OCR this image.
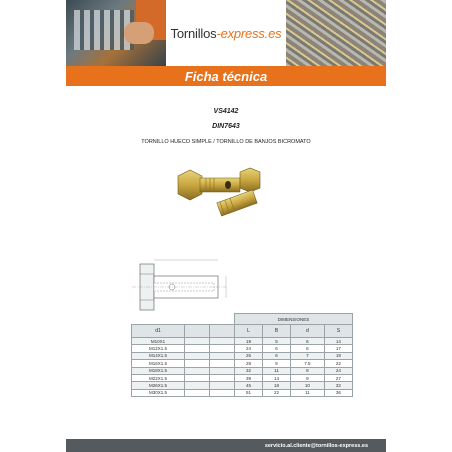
Tornillos-express.es
Ficha técnica
VS4142
DIN7643
TORNILLO HUECO SIMPLE / TORNILLO DE BANJOS BICROMATO
			DIMENSIONES			
d1			L	B	d	S
M10X1			19	5	6	14
M12X1.5			24	6	6	17
M14X1.5			26	6	7	19
M16X1.5			28	9	7.5	22
M18X1.5			32	11	8	24
M22X1.5			39	14	9	27
M26X1.5			45	18	10	32
M30X1.5			51	22	11	36
servicio.al.cliente@tornillos-express.es
